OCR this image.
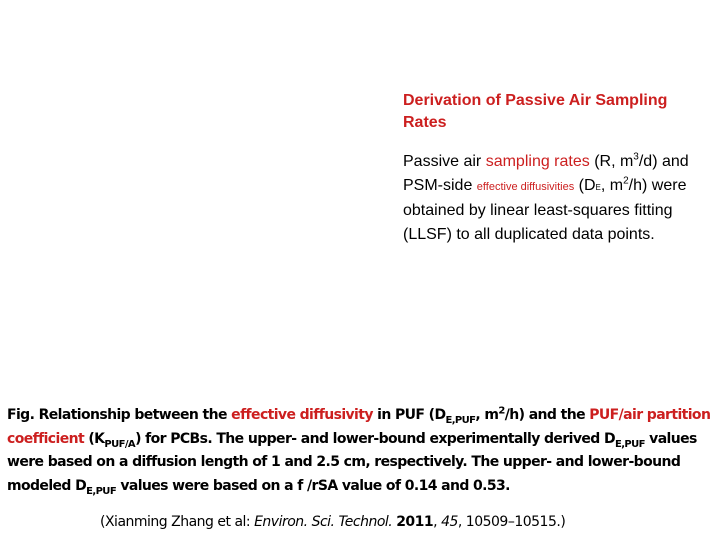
Derivation of Passive Air Sampling Rates
Passive air sampling rates (R, $m^3/d$) and PSM-side effective diffusivities (DE, $m^2/h$) were obtained by linear least-squares fitting (LLSF) to all duplicated data points.
Fig. Relationship between the effective diffusivity in PUF ($D_{E,PUF}$, $m^2/h$) and the PUF/air partition coefficient $(K_{PUF/A})$ for PCBs. The upper- and lower-bound experimentally derived $D_{E,PUF}$ values were based on a diffusion length of 1 and 2.5 cm, respectively. The upper- and lower-bound modeled $D_{E,PUF}$ values were based on a f /rSA value of 0.14 and 0.53.
(Xianming Zhang et al: Environ. Sci. Technol. 2011, 45, 10509–10515.)
